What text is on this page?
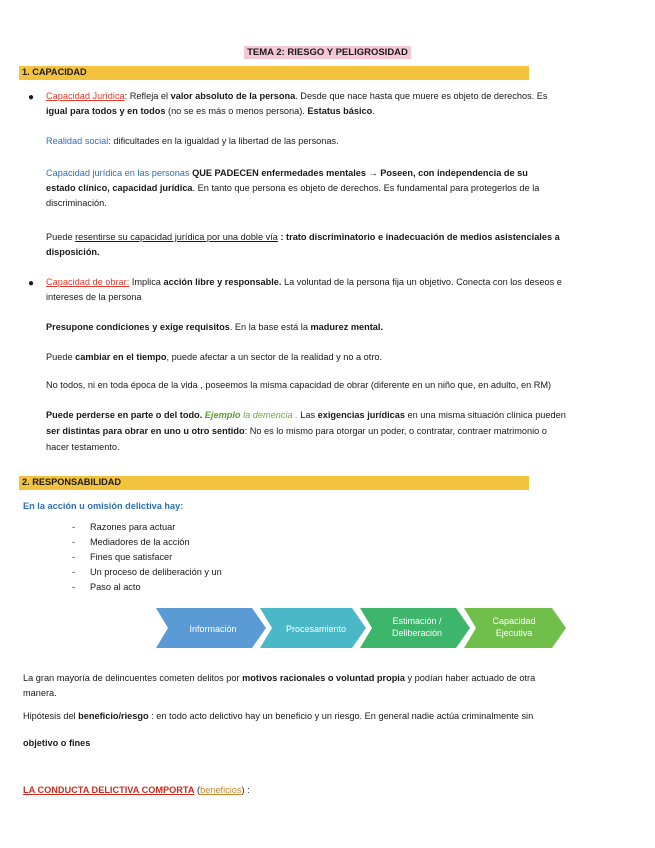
TEMA 2: RIESGO Y PELIGROSIDAD
1. CAPACIDAD
● Capacidad Jurídica: Refleja el valor absoluto de la persona. Desde que nace hasta que muere es objeto de derechos. Es
igual para todos y en todos (no se es más o menos persona). Estatus básico.
Realidad social: dificultades en la igualdad y la libertad de las personas.
Capacidad jurídica en las personas QUE PADECEN enfermedades mentales → Poseen, con independencia de su
estado clínico, capacidad jurídica. En tanto que persona es objeto de derechos. Es fundamental para protegerlos de la
discriminación.
Puede resentirse su capacidad jurídica por una doble vía : trato discriminatorio e inadecuación de medios asistenciales a
disposición.
● Capacidad de obrar: Implica acción libre y responsable. La voluntad de la persona fija un objetivo. Conecta con los deseos e
intereses de la persona
Presupone condiciones y exige requisitos. En la base está la madurez mental.
Puede cambiar en el tiempo, puede afectar a un sector de la realidad y no a otro.
No todos, ni en toda época de la vida , poseemos la misma capacidad de obrar (diferente en un niño que, en adulto, en RM)
Puede perderse en parte o del todo. Ejemplo la demencia . Las exigencias jurídicas en una misma situación clínica pueden
ser distintas para obrar en uno u otro sentido: No es lo mismo para otorgar un poder, o contratar, contraer matrimonio o
hacer testamento.
2. RESPONSABILIDAD
En la acción u omisión delictiva hay:
- Razones para actuar
- Mediadores de la acción
- Fines que satisfacer
- Un proceso de deliberación y un
- Paso al acto
Información	Procesamiento
Estimación /
Deliberación
Capacidad
Ejecutiva
La gran mayoría de delincuentes cometen delitos por motivos racionales o voluntad propia y podían haber actuado de otra
manera.
Hipótesis del beneficio/riesgo : en todo acto delictivo hay un beneficio y un riesgo. En general nadie actúa criminalmente sin
objetivo o fines
LA CONDUCTA DELICTIVA COMPORTA (beneficios) :
